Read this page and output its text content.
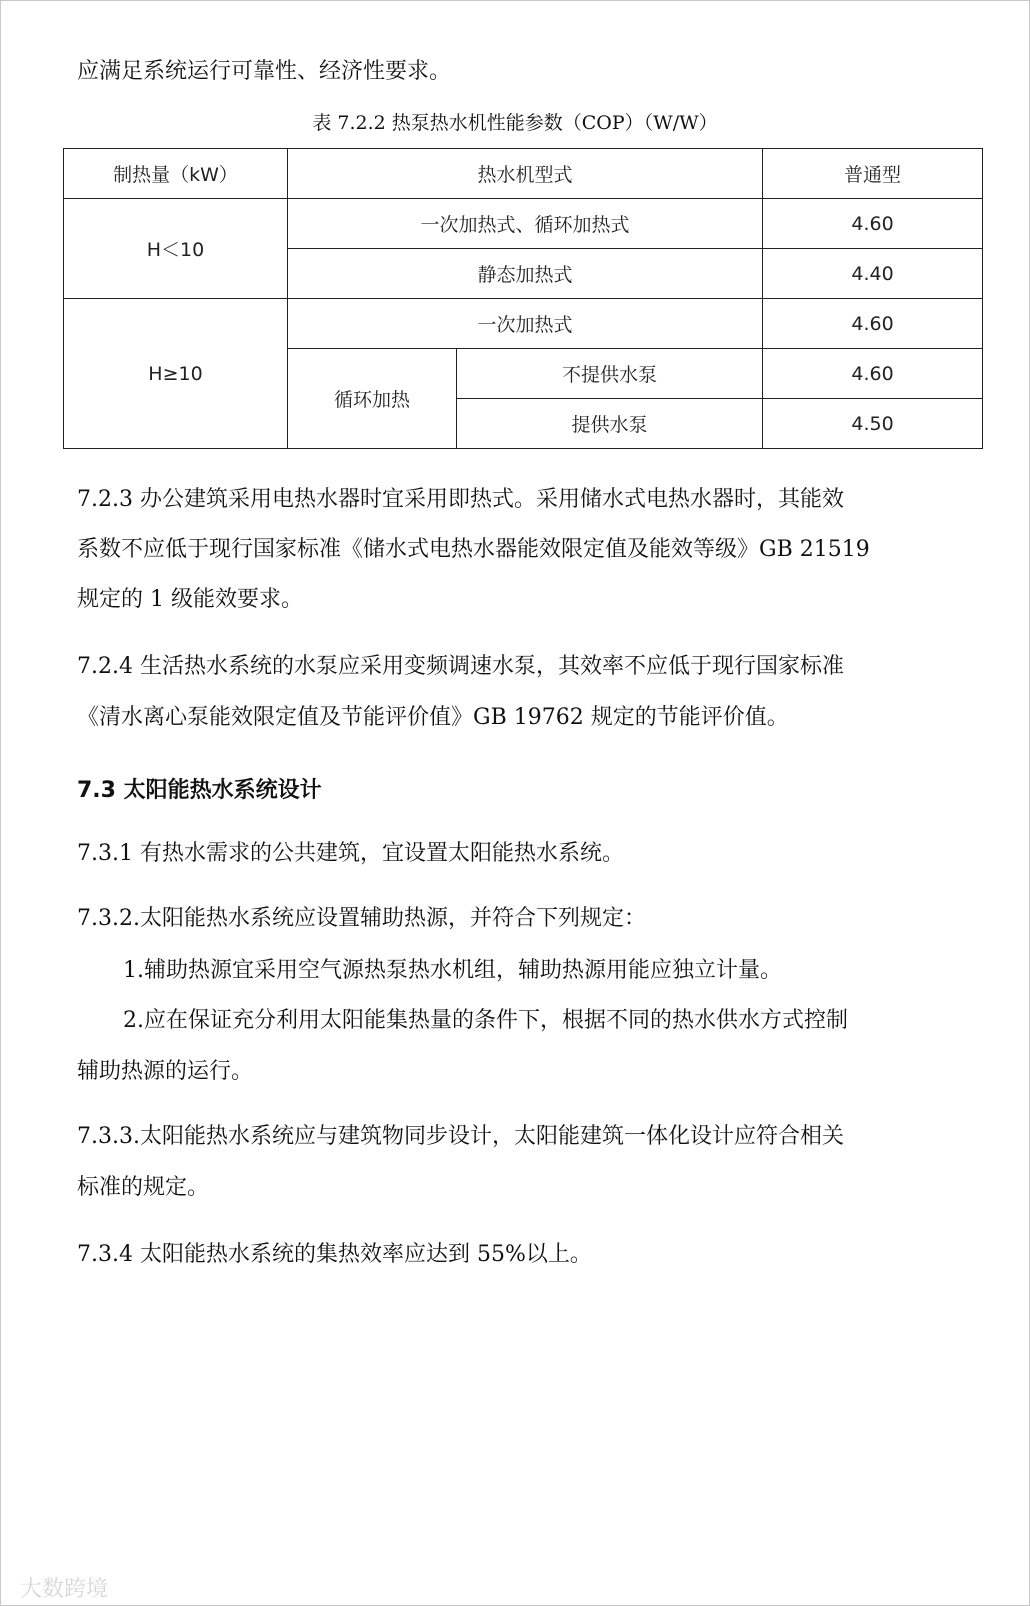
应满足系统运行可靠性、经济性要求。
表 7.2.2 热泵热水机性能参数（COP）（W/W）
制热量（kW）	热水机型式		普通型
H＜10	一次加热式、循环加热式		4.60
	静态加热式		4.40
H≥10	一次加热式		4.60
	循环加热	不提供水泵	4.60
		提供水泵	4.50
7.2.3 办公建筑采用电热水器时宜采用即热式。采用储水式电热水器时，其能效
系数不应低于现行国家标准《储水式电热水器能效限定值及能效等级》GB 21519
规定的 1 级能效要求。
7.2.4 生活热水系统的水泵应采用变频调速水泵，其效率不应低于现行国家标准
《清水离心泵能效限定值及节能评价值》GB 19762 规定的节能评价值。
7.3 太阳能热水系统设计
7.3.1 有热水需求的公共建筑，宜设置太阳能热水系统。
7.3.2.太阳能热水系统应设置辅助热源，并符合下列规定：
1.辅助热源宜采用空气源热泵热水机组，辅助热源用能应独立计量。
2.应在保证充分利用太阳能集热量的条件下，根据不同的热水供水方式控制
辅助热源的运行。
7.3.3.太阳能热水系统应与建筑物同步设计，太阳能建筑一体化设计应符合相关
标准的规定。
7.3.4 太阳能热水系统的集热效率应达到 55%以上。
大数跨境
